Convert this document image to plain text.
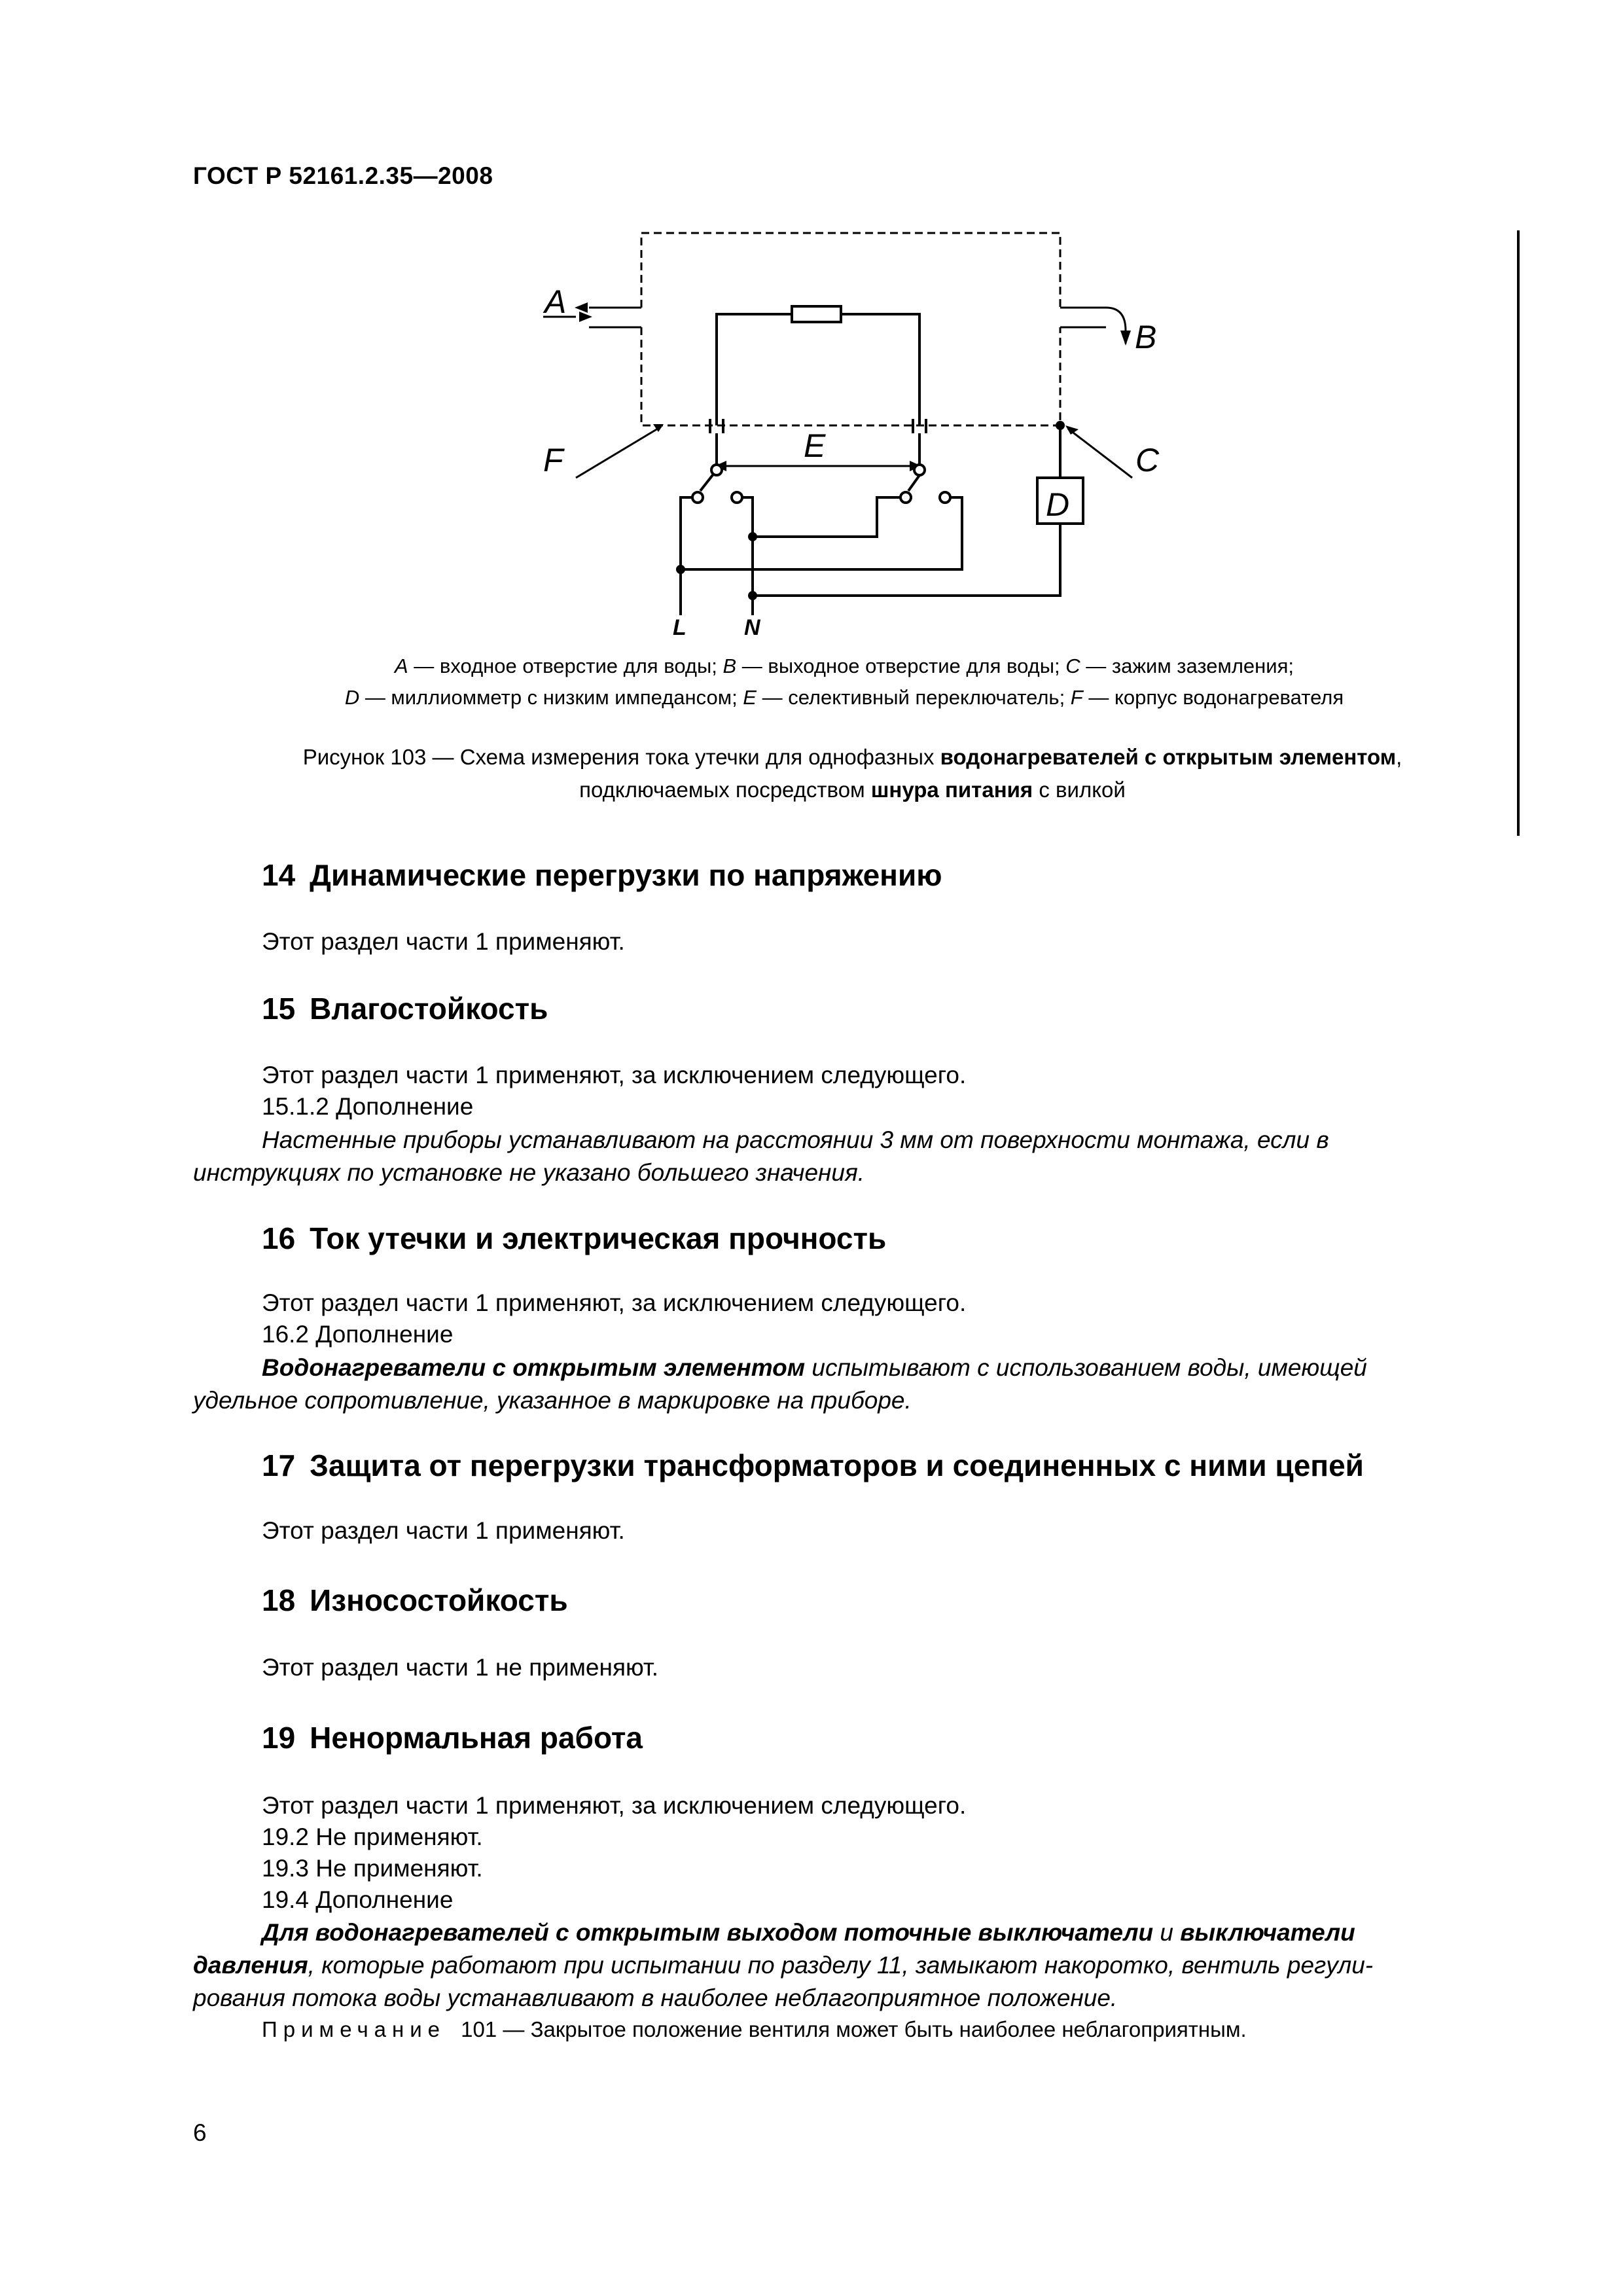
ГОСТ Р 52161.2.35—2008
A
B
C
D
E
F
L	N
A — входное отверстие для воды; B — выходное отверстие для воды; C — зажим заземления;
D — миллиомметр с низким импедансом; E — селективный переключатель; F — корпус водонагревателя
Рисунок 103 — Схема измерения тока утечки для однофазных водонагревателей с открытым элементом,
подключаемых посредством шнура питания с вилкой
14 Динамические перегрузки по напряжению
Этот раздел части 1 применяют.
15 Влагостойкость
Этот раздел части 1 применяют, за исключением следующего.
15.1.2 Дополнение
Настенные приборы устанавливают на расстоянии 3 мм от поверхности монтажа, если в
инструкциях по установке не указано большего значения.
16 Ток утечки и электрическая прочность
Этот раздел части 1 применяют, за исключением следующего.
16.2 Дополнение
Водонагреватели с открытым элементом испытывают с использованием воды, имеющей
удельное сопротивление, указанное в маркировке на приборе.
17 Защита от перегрузки трансформаторов и соединенных с ними цепей
Этот раздел части 1 применяют.
18 Износостойкость
Этот раздел части 1 не применяют.
19 Ненормальная работа
Этот раздел части 1 применяют, за исключением следующего.
19.2 Не применяют.
19.3 Не применяют.
19.4 Дополнение
Для водонагревателей с открытым выходом поточные выключатели и выключатели
давления, которые работают при испытании по разделу 11, замыкают накоротко, вентиль регули-
рования потока воды устанавливают в наиболее неблагоприятное положение.
Примечание 101 — Закрытое положение вентиля может быть наиболее неблагоприятным.
6
